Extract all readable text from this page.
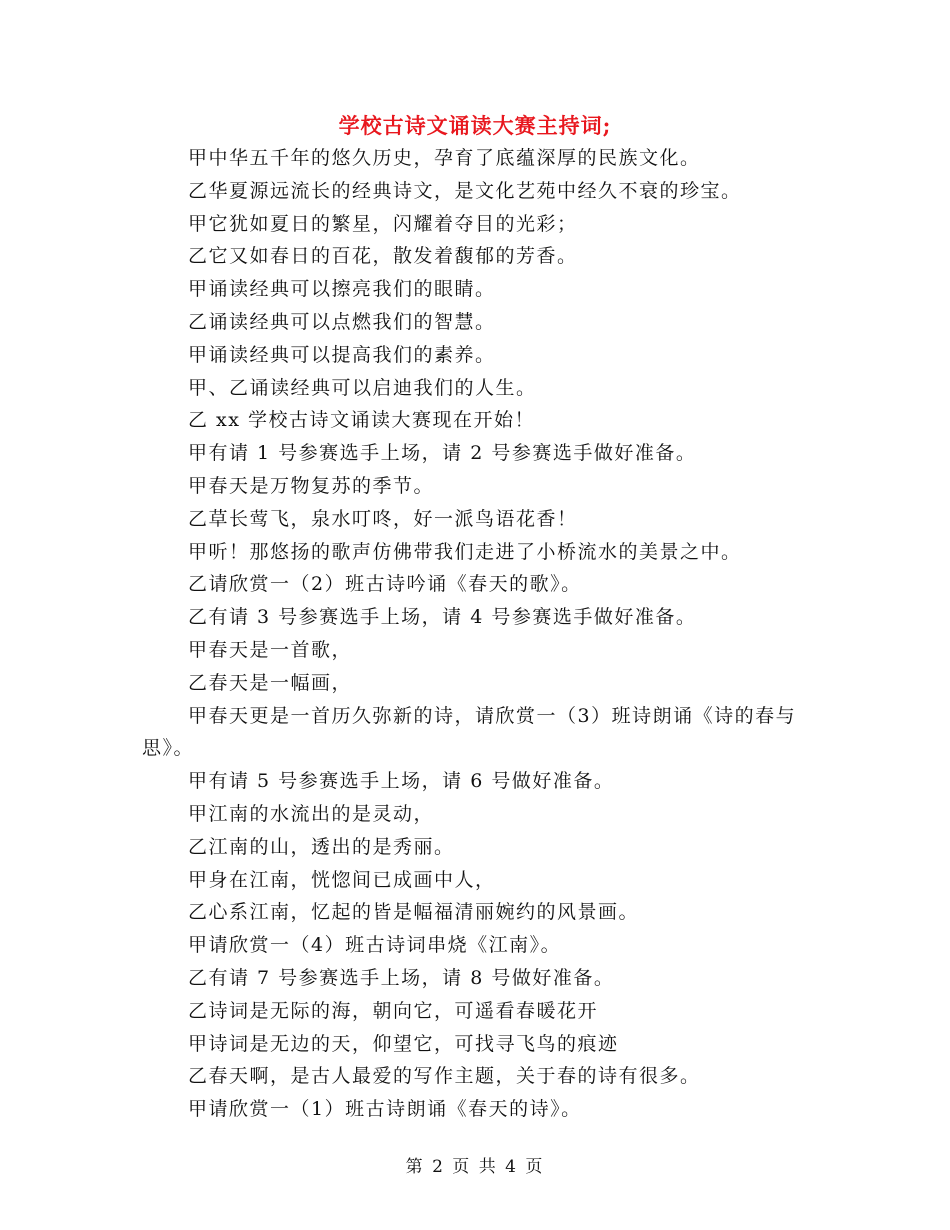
学校古诗文诵读大赛主持词;
甲中华五千年的悠久历史，孕育了底蕴深厚的民族文化。
乙华夏源远流长的经典诗文，是文化艺苑中经久不衰的珍宝。
甲它犹如夏日的繁星，闪耀着夺目的光彩；
乙它又如春日的百花，散发着馥郁的芳香。
甲诵读经典可以擦亮我们的眼睛。
乙诵读经典可以点燃我们的智慧。
甲诵读经典可以提高我们的素养。
甲、乙诵读经典可以启迪我们的人生。
乙 xx 学校古诗文诵读大赛现在开始！
甲有请 1 号参赛选手上场，请 2 号参赛选手做好准备。
甲春天是万物复苏的季节。
乙草长莺飞，泉水叮咚，好一派鸟语花香！
甲听！那悠扬的歌声仿佛带我们走进了小桥流水的美景之中。
乙请欣赏一（2）班古诗吟诵《春天的歌》。
乙有请 3 号参赛选手上场，请 4 号参赛选手做好准备。
甲春天是一首歌，
乙春天是一幅画，
甲春天更是一首历久弥新的诗，请欣赏一（3）班诗朗诵《诗的春与思》。
甲有请 5 号参赛选手上场，请 6 号做好准备。
甲江南的水流出的是灵动，
乙江南的山，透出的是秀丽。
甲身在江南，恍惚间已成画中人，
乙心系江南，忆起的皆是幅福清丽婉约的风景画。
甲请欣赏一（4）班古诗词串烧《江南》。
乙有请 7 号参赛选手上场，请 8 号做好准备。
乙诗词是无际的海，朝向它，可遥看春暖花开
甲诗词是无边的天，仰望它，可找寻飞鸟的痕迹
乙春天啊，是古人最爱的写作主题，关于春的诗有很多。
甲请欣赏一（1）班古诗朗诵《春天的诗》。
第 2 页 共 4 页
